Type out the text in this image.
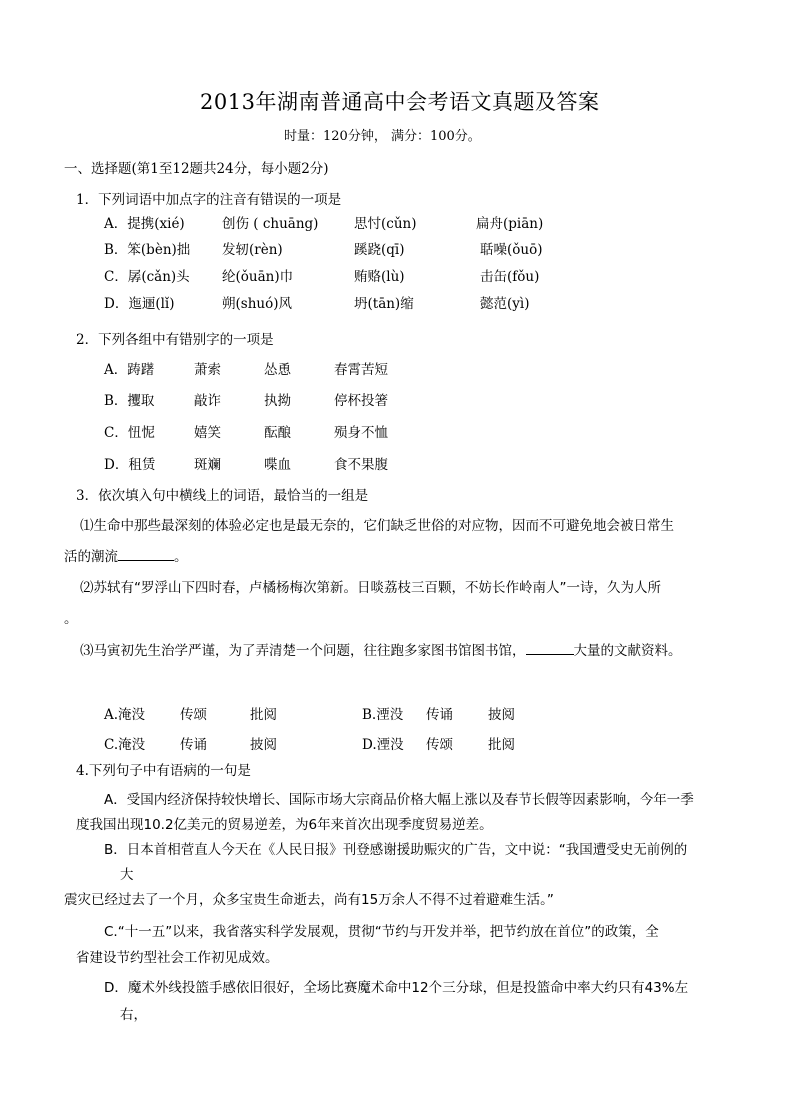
2013年湖南普通高中会考语文真题及答案
时量：120分钟， 满分：100分。
一、选择题(第1至12题共24分，每小题2分)
1．下列词语中加点字的注音有错误的一项是
A．提携(xié)	创伤 ( chuāng)	思忖(cǔn)	扁舟(piān)
B．笨(bèn)拙 发轫(rèn)	蹊跷(qī)	聒噪(ǒuō)
C．孱(cǎn)头 纶(ǒuān)巾	贿赂(lù)	击缶(fǒu)
D．迤逦(lǐ)	朔(shuó)风	坍(tān)缩	懿范(yì)
2．下列各组中有错别字的一项是
A．踌躇	萧索	怂恿	春霄苦短
B．攫取	敲诈	执拗	停杯投箸
C．忸怩	嬉笑	酝酿	殒身不恤
D．租赁	斑斓	喋血	食不果腹
3．依次填入句中横线上的词语，最恰当的一组是
⑴生命中那些最深刻的体验必定也是最无奈的，它们缺乏世俗的对应物，因而不可避免地会被日常生
活的潮流	。
⑵苏轼有“罗浮山下四时春，卢橘杨梅次第新。日啖荔枝三百颗，不妨长作岭南人”一诗，久为人所
。
⑶马寅初先生治学严谨，为了弄清楚一个问题，往往跑多家图书馆图书馆，	大量的文献资料。
A.淹没	传颂	批阅	B.湮没 传诵	披阅
C.淹没	传诵	披阅	D.湮没 传颂	批阅
4.下列句子中有语病的一句是
A．受国内经济保持较快增长、国际市场大宗商品价格大幅上涨以及春节长假等因素影响，今年一季
度我国出现10.2亿美元的贸易逆差，为6年来首次出现季度贸易逆差。
B．日本首相菅直人今天在《人民日报》刊登感谢援助赈灾的广告，文中说：“我国遭受史无前例的
大
震灾已经过去了一个月，众多宝贵生命逝去，尚有15万余人不得不过着避难生活。”
C.“十一五”以来，我省落实科学发展观，贯彻“节约与开发并举，把节约放在首位”的政策，全
省建设节约型社会工作初见成效。
D．魔术外线投篮手感依旧很好，全场比赛魔术命中12个三分球，但是投篮命中率大约只有43%左
右，
